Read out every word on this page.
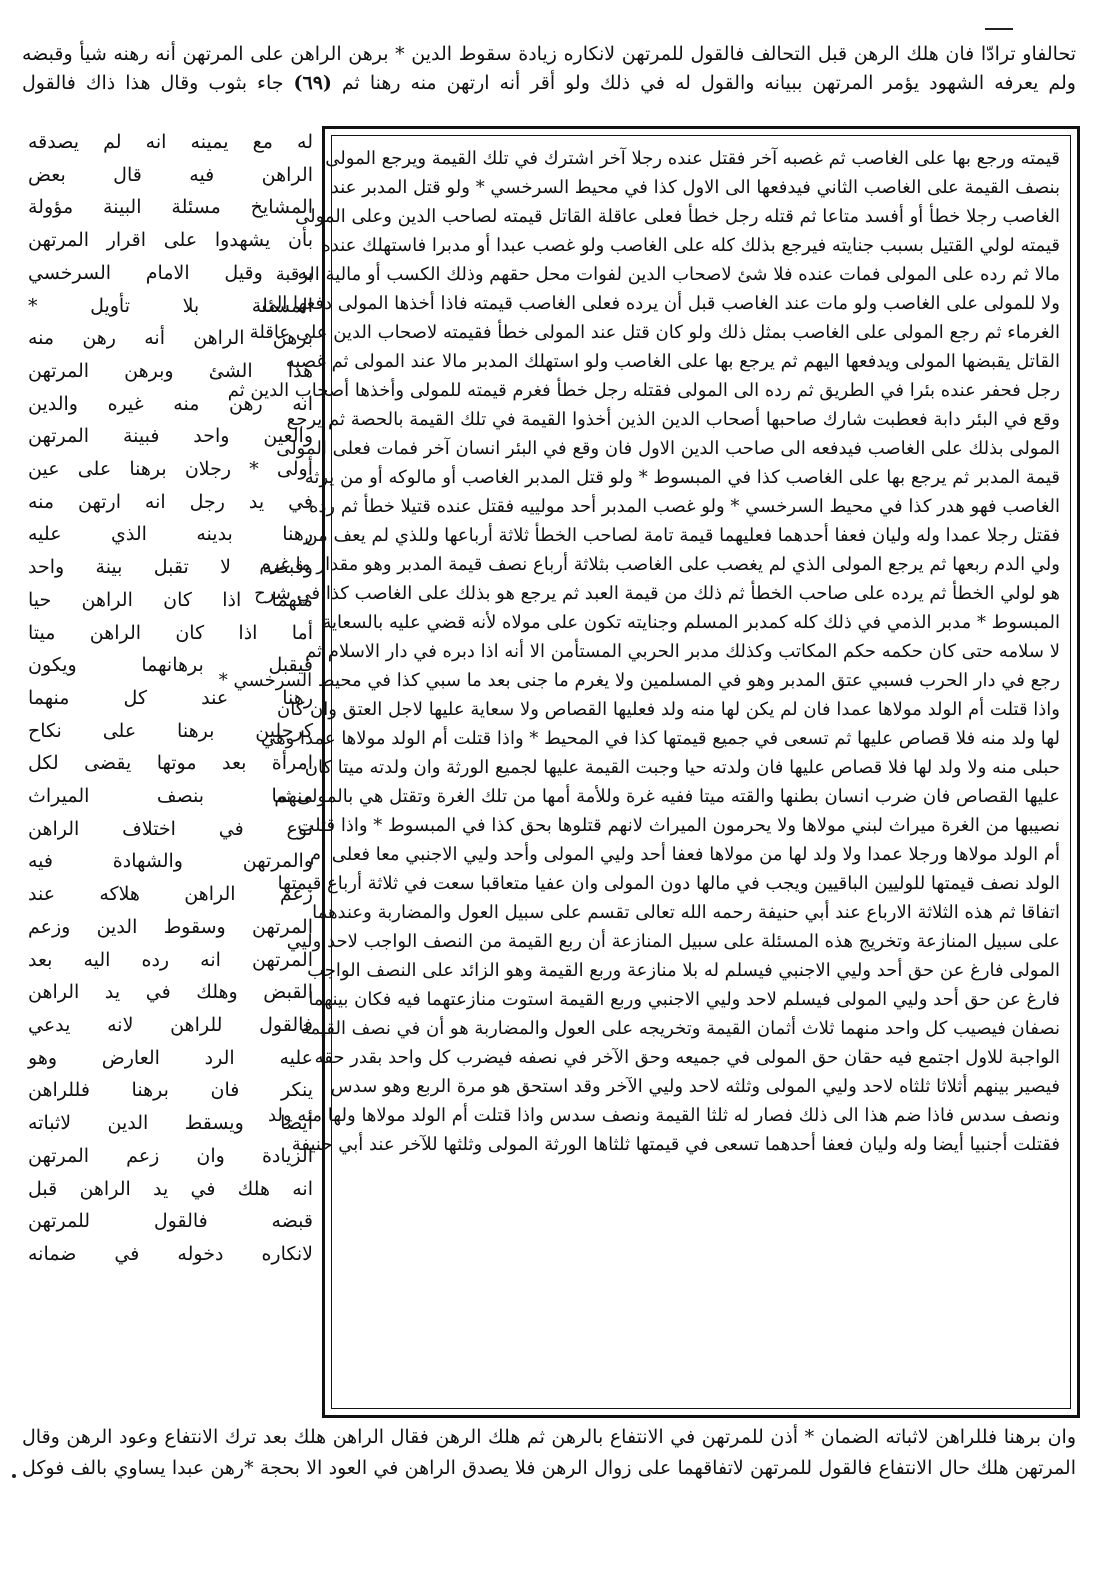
تحالفاو ترادّا فان هلك الرهن قبل التحالف فالقول للمرتهن لانكاره زيادة سقوط الدين * برهن الراهن على المرتهن أنه رهنه شيأ وقبضه
ولم يعرفه الشهود يؤمر المرتهن ببيانه والقول له في ذلك ولو أقر أنه ارتهن منه رهنا ثم (٦٩) جاء بثوب وقال هذا ذاك فالقول
قيمته ورجع بها على الغاصب ثم غصبه آخر فقتل عنده رجلا آخر اشترك في تلك القيمة ويرجع المولى
بنصف القيمة على الغاصب الثاني فيدفعها الى الاول كذا في محيط السرخسي * ولو قتل المدبر عند
الغاصب رجلا خطأ أو أفسد متاعا ثم قتله رجل خطأ فعلى عاقلة القاتل قيمته لصاحب الدين وعلى المولى
قيمته لولي القتيل بسبب جنايته فيرجع بذلك كله على الغاصب ولو غصب عبدا أو مدبرا فاستهلك عنده
مالا ثم رده على المولى فمات عنده فلا شئ لاصحاب الدين لفوات محل حقهم وذلك الكسب أو مالية الرقبة
ولا للمولى على الغاصب ولو مات عند الغاصب قبل أن يرده فعلى الغاصب قيمته فاذا أخذها المولى دفعها الى
الغرماء ثم رجع المولى على الغاصب بمثل ذلك ولو كان قتل عند المولى خطأ فقيمته لاصحاب الدين على عاقلة
القاتل يقبضها المولى ويدفعها اليهم ثم يرجع بها على الغاصب ولو استهلك المدبر مالا عند المولى ثم غصبه
رجل فحفر عنده بئرا في الطريق ثم رده الى المولى فقتله رجل خطأ فغرم قيمته للمولى وأخذها أصحاب الدين ثم
وقع في البئر دابة فعطبت شارك صاحبها أصحاب الدين الذين أخذوا القيمة في تلك القيمة بالحصة ثم يرجع
المولى بذلك على الغاصب فيدفعه الى صاحب الدين الاول فان وقع في البئر انسان آخر فمات فعلى المولى
قيمة المدبر ثم يرجع بها على الغاصب كذا في المبسوط * ولو قتل المدبر الغاصب أو مالوكه أو من يرثه
الغاصب فهو هدر كذا في محيط السرخسي * ولو غصب المدبر أحد مولييه فقتل عنده قتيلا خطأ ثم رده
فقتل رجلا عمدا وله وليان فعفا أحدهما فعليهما قيمة تامة لصاحب الخطأ ثلاثة أرباعها وللذي لم يعف من
ولي الدم ربعها ثم يرجع المولى الذي لم يغصب على الغاصب بثلاثة أرباع نصف قيمة المدبر وهو مقدار ما غرم
هو لولي الخطأ ثم يرده على صاحب الخطأ ثم ذلك من قيمة العبد ثم يرجع هو بذلك على الغاصب كذا في شرح
المبسوط * مدبر الذمي في ذلك كله كمدبر المسلم وجنايته تكون على مولاه لأنه قضي عليه بالسعاية
لا سلامه حتى كان حكمه حكم المكاتب وكذلك مدبر الحربي المستأمن الا أنه اذا دبره في دار الاسلام ثم
رجع في دار الحرب فسبي عتق المدبر وهو في المسلمين ولا يغرم ما جنى بعد ما سبي كذا في محيط السرخسي *
واذا قتلت أم الولد مولاها عمدا فان لم يكن لها منه ولد فعليها القصاص ولا سعاية عليها لاجل العتق وان كان
لها ولد منه فلا قصاص عليها ثم تسعى في جميع قيمتها كذا في المحيط * واذا قتلت أم الولد مولاها عمدا وهي
حبلى منه ولا ولد لها فلا قصاص عليها فان ولدته حيا وجبت القيمة عليها لجميع الورثة وان ولدته ميتا كان
عليها القصاص فان ضرب انسان بطنها والقته ميتا ففيه غرة وللأمة أمها من تلك الغرة وتقتل هي بالمولى ثم
نصيبها من الغرة ميراث لبني مولاها ولا يحرمون الميراث لانهم قتلوها بحق كذا في المبسوط * واذا قتلت
أم الولد مولاها ورجلا عمدا ولا ولد لها من مولاها فعفا أحد وليي المولى وأحد وليي الاجنبي معا فعلى أم
الولد نصف قيمتها للوليين الباقيين ويجب في مالها دون المولى وان عفيا متعاقبا سعت في ثلاثة أرباع قيمتها
اتفاقا ثم هذه الثلاثة الارباع عند أبي حنيفة رحمه الله تعالى تقسم على سبيل العول والمضاربة وعندهما
على سبيل المنازعة وتخريج هذه المسئلة على سبيل المنازعة أن ربع القيمة من النصف الواجب لاحد وليي
المولى فارغ عن حق أحد وليي الاجنبي فيسلم له بلا منازعة وربع القيمة وهو الزائد على النصف الواجب
فارغ عن حق أحد وليي المولى فيسلم لاحد وليي الاجنبي وربع القيمة استوت منازعتهما فيه فكان بينهما
نصفان فيصيب كل واحد منهما ثلاث أثمان القيمة وتخريجه على العول والمضاربة هو أن في نصف القيمة
الواجبة للاول اجتمع فيه حقان حق المولى في جميعه وحق الآخر في نصفه فيضرب كل واحد بقدر حقه
فيصير بينهم أثلاثا ثلثاه لاحد وليي المولى وثلثه لاحد وليي الآخر وقد استحق هو مرة الربع وهو سدس
ونصف سدس فاذا ضم هذا الى ذلك فصار له ثلثا القيمة ونصف سدس واذا قتلت أم الولد مولاها ولها منه ولد
فقتلت أجنبيا أيضا وله وليان فعفا أحدهما تسعى في قيمتها ثلثاها الورثة المولى وثلثها للآخر عند أبي حنيفة
له مع يمينه انه لم يصدقه
الراهن فيه قال بعض
المشايخ مسئلة البينة مؤولة
بأن يشهدوا على اقرار المرتهن
به وقيل الامام السرخسي
المسئلة بلا تأويل *
برهن الراهن أنه رهن منه
هذا الشئ وبرهن المرتهن
انه رهن منه غيره والدين
والعين واحد فبينة المرتهن
أولى * رجلان برهنا على عين
في يد رجل انه ارتهن منه
رهنا بدينه الذي عليه
وقبضه لا تقبل بينة واحد
منهما اذا كان الراهن حيا
أما اذا كان الراهن ميتا
فيقبل برهانهما ويكون
رهنا عند كل منهما
كرجلين برهنا على نكاح
امرأة بعد موتها يقضى لكل
منهما بنصف الميراث
نوع في اختلاف الراهن
والمرتهن والشهادة فيه
زعم الراهن هلاكه عند
المرتهن وسقوط الدين وزعم
المرتهن انه رده اليه بعد
القبض وهلك في يد الراهن
فالقول للراهن لانه يدعي
عليه الرد العارض وهو
ينكر فان برهنا فللراهن
أيضا ويسقط الدين لاثباته
الزيادة وان زعم المرتهن
انه هلك في يد الراهن قبل
قبضه فالقول للمرتهن
لانكاره دخوله في ضمانه
وان برهنا فللراهن لاثباته الضمان * أذن للمرتهن في الانتفاع بالرهن ثم هلك الرهن فقال الراهن هلك بعد ترك الانتفاع وعود الرهن وقال
المرتهن هلك حال الانتفاع فالقول للمرتهن لاتفاقهما على زوال الرهن فلا يصدق الراهن في العود الا بحجة *رهن عبدا يساوي بالف فوكل
